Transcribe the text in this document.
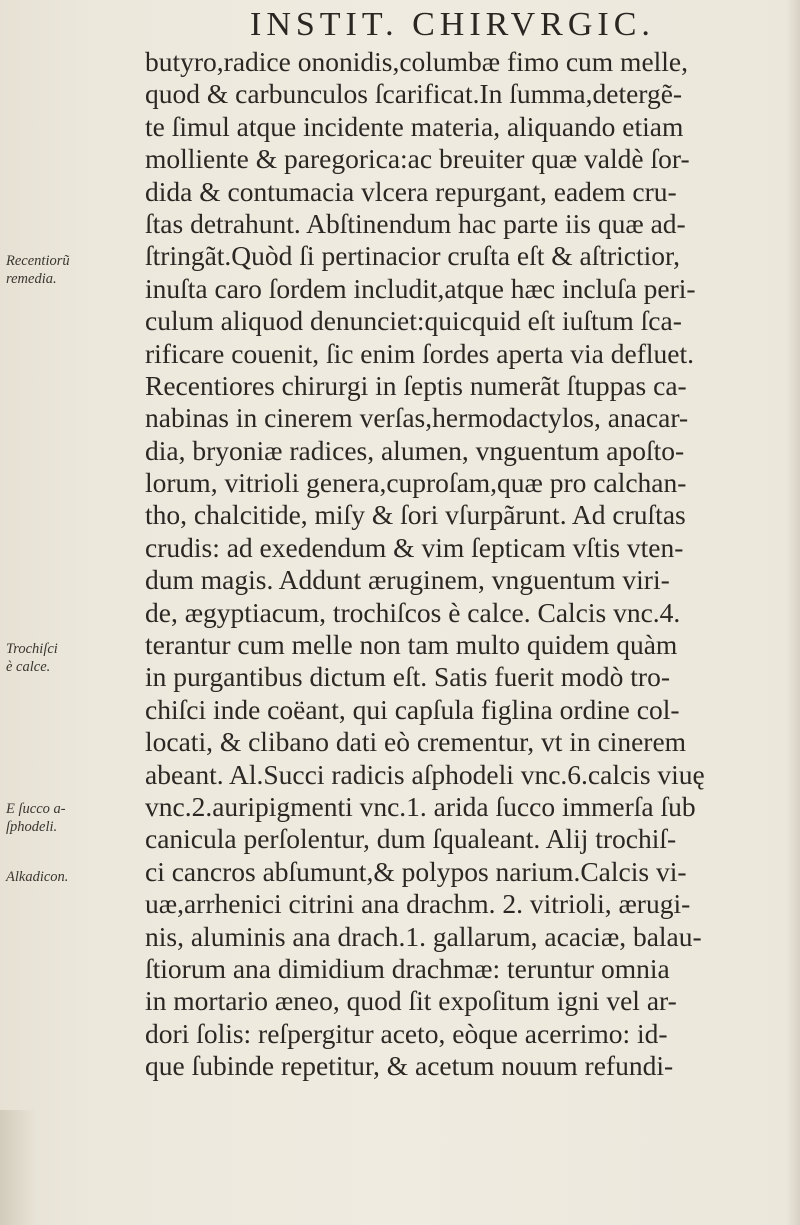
INSTIT. CHIRVRGIC.
butyro,radice ononidis,columbæ fimo cum melle,
quod & carbunculos ſcarificat.In ſumma,detergẽ-
te ſimul atque incidente materia, aliquando etiam
molliente & paregorica:ac breuiter quæ valdè ſor-
dida & contumacia vlcera repurgant, eadem cru-
ſtas detrahunt. Abſtinendum hac parte iis quæ ad-
ſtringãt.Quòd ſi pertinacior cruſta eſt & aſtrictior,
inuſta caro ſordem includit,atque hæc incluſa peri-
culum aliquod denunciet:quicquid eſt iuſtum ſca-
rificare couenit, ſic enim ſordes aperta via defluet.
Recentiores chirurgi in ſeptis numerãt ſtuppas ca-
nabinas in cinerem verſas,hermodactylos, anacar-
dia, bryoniæ radices, alumen, vnguentum apoſto-
lorum, vitrioli genera,cuproſam,quæ pro calchan-
tho, chalcitide, miſy & ſori vſurpãrunt. Ad cruſtas
crudis: ad exedendum & vim ſepticam vſtis vten-
dum magis. Addunt æruginem, vnguentum viri-
de, ægyptiacum, trochiſcos è calce. Calcis vnc.4.
terantur cum melle non tam multo quidem quàm
in purgantibus dictum eſt. Satis fuerit modò tro-
chiſci inde coëant, qui capſula figlina ordine col-
locati, & clibano dati eò crementur, vt in cinerem
abeant. Al.Succi radicis aſphodeli vnc.6.calcis viuę
vnc.2.auripigmenti vnc.1. arida ſucco immerſa ſub
canicula perſolentur, dum ſqualeant. Alij trochiſ-
ci cancros abſumunt,& polypos narium.Calcis vi-
uæ,arrhenici citrini ana drachm. 2. vitrioli, ærugi-
nis, aluminis ana drach.1. gallarum, acaciæ, balau-
ſtiorum ana dimidium drachmæ: teruntur omnia
in mortario æneo, quod ſit expoſitum igni vel ar-
dori ſolis: reſpergitur aceto, eòque acerrimo: id-
que ſubinde repetitur, & acetum nouum refundi-
Recentiorũ
remedia.
Trochiſci
è calce.
E ſucco a-
ſphodeli.
Alkadicon.
